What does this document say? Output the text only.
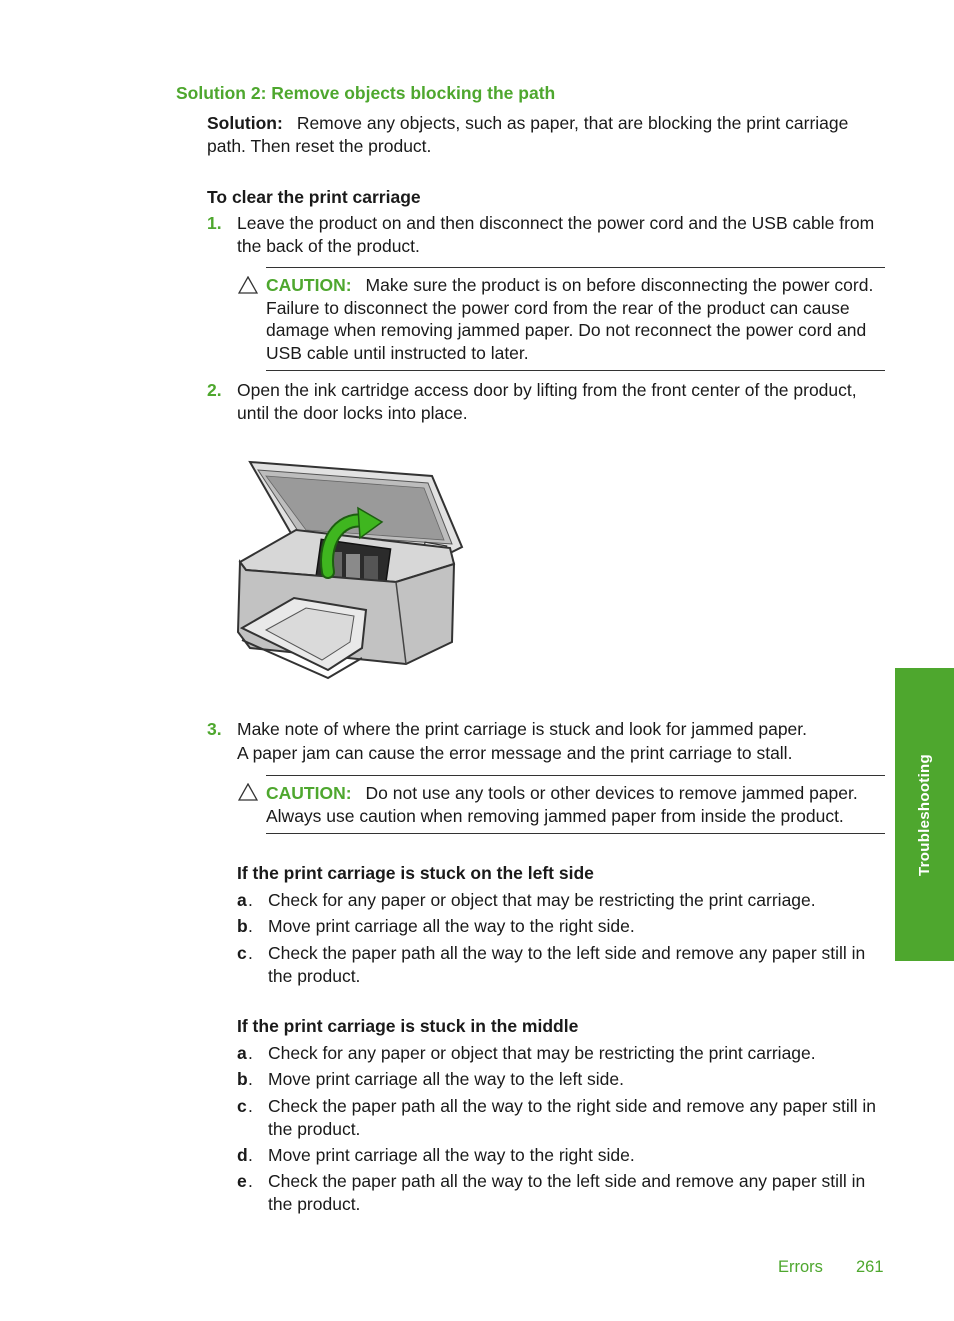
Solution 2: Remove objects blocking the path
Solution: Remove any objects, such as paper, that are blocking the print carriage path. Then reset the product.
To clear the print carriage
1. Leave the product on and then disconnect the power cord and the USB cable from the back of the product.
CAUTION: Make sure the product is on before disconnecting the power cord. Failure to disconnect the power cord from the rear of the product can cause damage when removing jammed paper. Do not reconnect the power cord and USB cable until instructed to later.
2. Open the ink cartridge access door by lifting from the front center of the product, until the door locks into place.
3. Make note of where the print carriage is stuck and look for jammed paper.
A paper jam can cause the error message and the print carriage to stall.
CAUTION: Do not use any tools or other devices to remove jammed paper. Always use caution when removing jammed paper from inside the product.
If the print carriage is stuck on the left side
a . Check for any paper or object that may be restricting the print carriage.
b . Move print carriage all the way to the right side.
c . Check the paper path all the way to the left side and remove any paper still in the product.
If the print carriage is stuck in the middle
a . Check for any paper or object that may be restricting the print carriage.
b . Move print carriage all the way to the left side.
c . Check the paper path all the way to the right side and remove any paper still in the product.
d . Move print carriage all the way to the right side.
e . Check the paper path all the way to the left side and remove any paper still in the product.
Troubleshooting
Errors 261
